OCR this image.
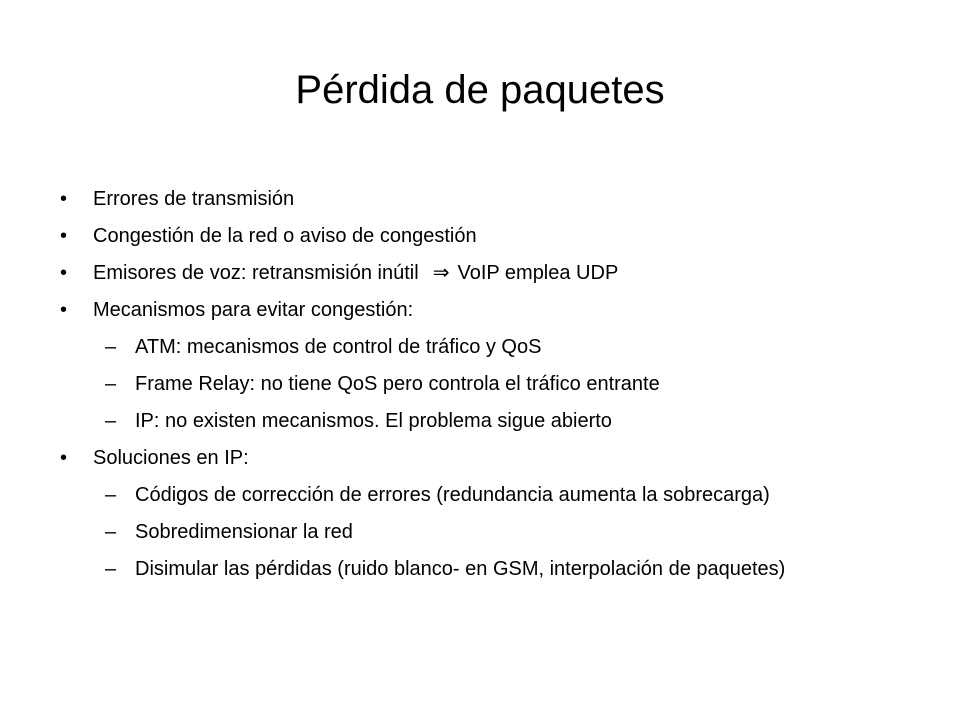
Pérdida de paquetes
• Errores de transmisión
• Congestión de la red o aviso de congestión
• Emisores de voz: retransmisión inútil ⇒ VoIP emplea UDP
• Mecanismos para evitar congestión:
– ATM: mecanismos de control de tráfico y QoS
– Frame Relay: no tiene QoS pero controla el tráfico entrante
– IP: no existen mecanismos. El problema sigue abierto
• Soluciones en IP:
– Códigos de corrección de errores (redundancia aumenta la sobrecarga)
– Sobredimensionar la red
– Disimular las pérdidas (ruido blanco- en GSM, interpolación de paquetes)
